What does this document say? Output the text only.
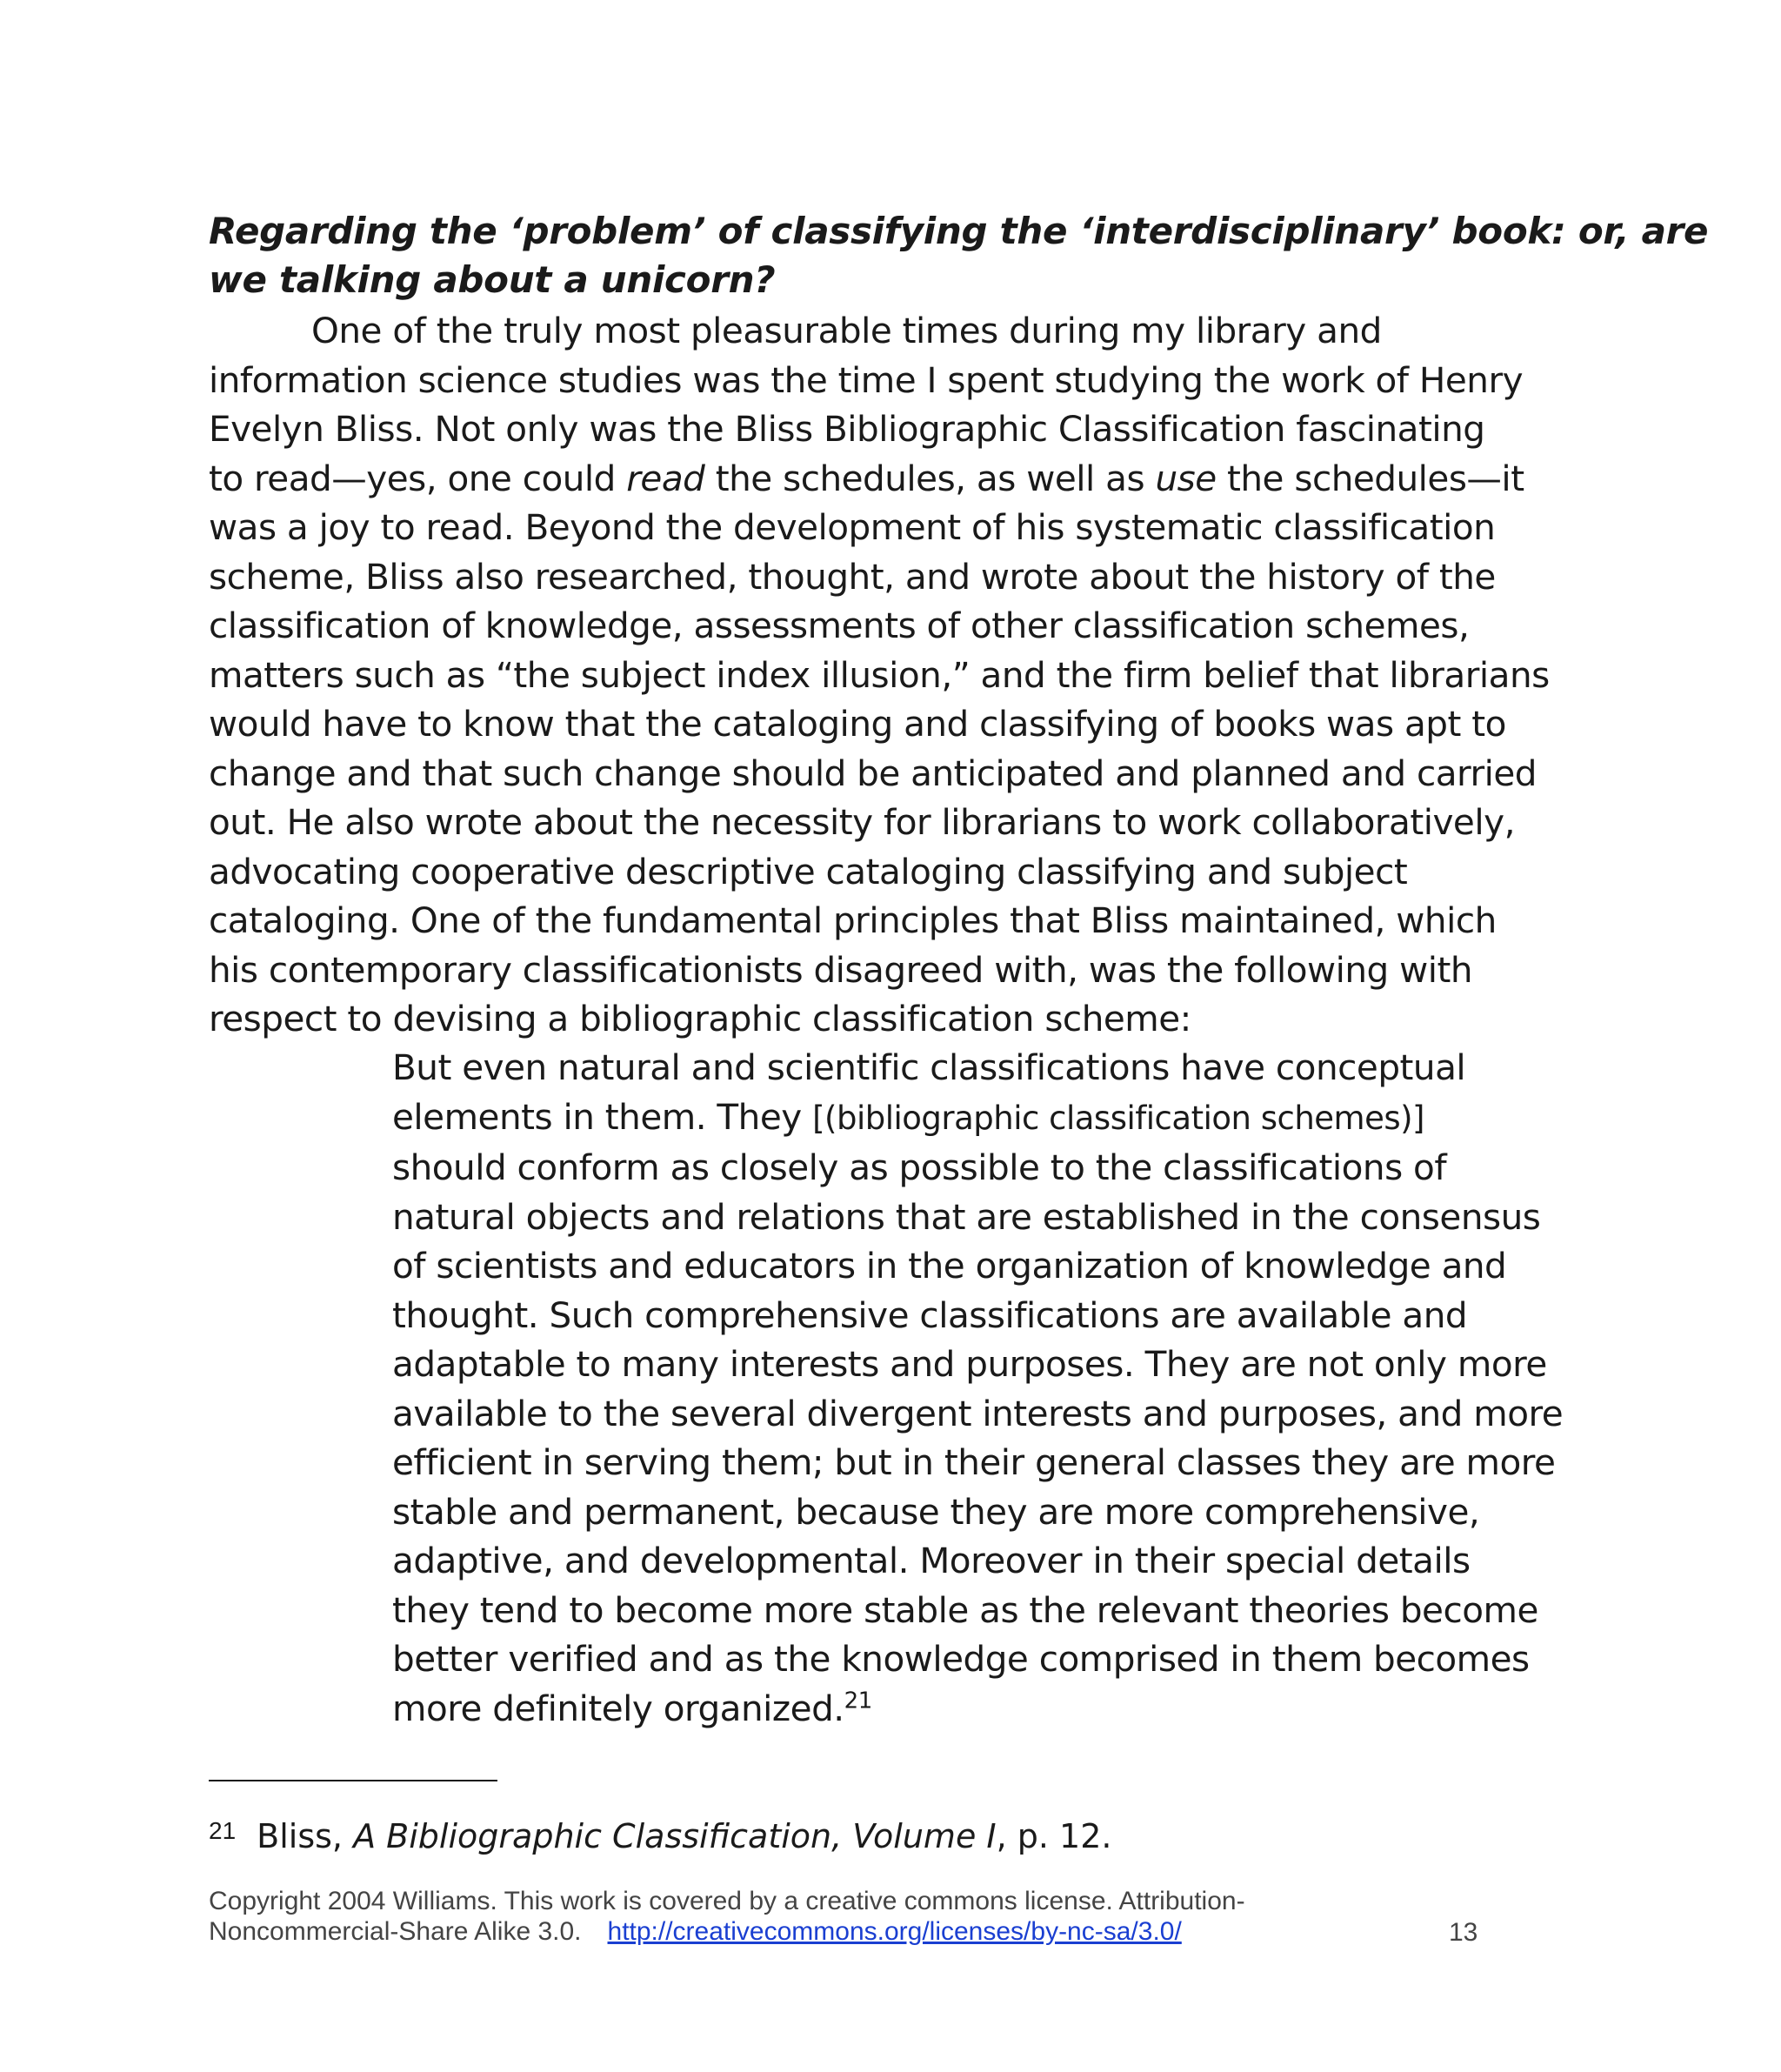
Regarding the ‘problem’ of classifying the ‘interdisciplinary’ book: or, are
we talking about a unicorn?

One of the truly most pleasurable times during my library and
information science studies was the time I spent studying the work of Henry
Evelyn Bliss. Not only was the Bliss Bibliographic Classification fascinating
to read—yes, one could read the schedules, as well as use the schedules—it
was a joy to read. Beyond the development of his systematic classification
scheme, Bliss also researched, thought, and wrote about the history of the
classification of knowledge, assessments of other classification schemes,
matters such as “the subject index illusion,” and the firm belief that librarians
would have to know that the cataloging and classifying of books was apt to
change and that such change should be anticipated and planned and carried
out. He also wrote about the necessity for librarians to work collaboratively,
advocating cooperative descriptive cataloging classifying and subject
cataloging. One of the fundamental principles that Bliss maintained, which
his contemporary classificationists disagreed with, was the following with
respect to devising a bibliographic classification scheme:

But even natural and scientific classifications have conceptual
elements in them. They [(bibliographic classification schemes)]
should conform as closely as possible to the classifications of
natural objects and relations that are established in the consensus
of scientists and educators in the organization of knowledge and
thought. Such comprehensive classifications are available and
adaptable to many interests and purposes. They are not only more
available to the several divergent interests and purposes, and more
efficient in serving them; but in their general classes they are more
stable and permanent, because they are more comprehensive,
adaptive, and developmental. Moreover in their special details
they tend to become more stable as the relevant theories become
better verified and as the knowledge comprised in them becomes
more definitely organized.$^{21}$

$^{21}$ Bliss, A Bibliographic Classification, Volume I, p. 12.

Copyright 2004 Williams. This work is covered by a creative commons license. Attribution-
Noncommercial-Share Alike 3.0. http://creativecommons.org/licenses/by-nc-sa/3.0/	13
